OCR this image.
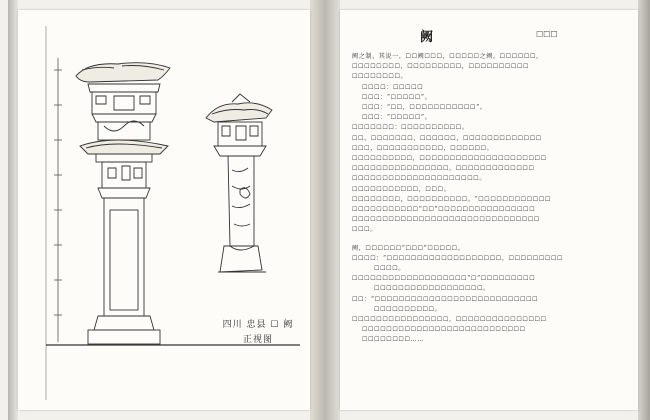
四川 忠县 ☐ 阙
正视图
阙	☐☐☐

阙之制，其说一，☐☐阙☐☐☐，☐☐☐☐☐之阙，☐☐☐☐☐☐，

☐☐☐☐☐☐☐☐，☐☐☐☐☐☐☐☐☐，☐☐☐☐☐☐☐☐☐☐

☐☐☐☐☐☐☐☐。

☐☐☐☐：☐☐☐☐☐

☐☐☐：“☐☐☐☐☐”。

☐☐☐：“☐☐，☐☐☐☐☐☐☐☐☐☐☐”。

☐☐☐：“☐☐☐☐☐”。

☐☐☐☐☐☐☐：☐☐☐☐☐☐☐☐☐☐。

☐☐，☐☐☐☐☐☐☐，☐☐☐☐☐☐，☐☐☐☐☐☐☐☐☐☐☐☐☐

☐☐☐，☐☐☐☐☐☐☐☐☐☐☐，☐☐☐☐☐☐。

☐☐☐☐☐☐☐☐☐☐，☐☐☐☐☐☐☐☐☐☐☐☐☐☐☐☐☐☐☐☐☐

☐☐☐☐☐☐☐☐☐☐☐☐☐☐☐☐，☐☐☐☐☐☐☐☐☐☐☐☐☐

☐☐☐☐☐☐☐☐☐☐☐☐☐☐☐☐☐☐☐☐☐。

☐☐☐☐☐☐☐☐☐☐☐，☐☐☐。

☐☐☐☐☐☐☐☐，☐☐☐☐☐☐☐☐☐☐。“☐☐☐☐☐☐☐☐☐☐☐☐

☐☐☐☐☐☐☐☐☐☐☐“☐☐”☐☐☐☐☐☐☐☐☐☐☐☐☐☐☐☐

☐☐☐☐☐☐☐☐☐☐☐☐☐☐☐☐☐☐☐☐☐☐☐☐☐☐☐☐☐☐☐

☐☐☐。

阙，☐☐☐☐☐☐“☐☐☐”☐☐☐☐☐。

☐☐☐☐：“☐☐☐☐☐☐☐☐☐☐☐☐☐☐☐☐☐☐☐，☐☐☐☐☐☐☐☐☐

☐☐☐☐。

☐☐☐☐☐☐☐☐☐☐☐☐☐☐☐☐☐☐☐“☐”☐☐☐☐☐☐☐☐☐

☐☐☐☐☐☐☐☐☐☐☐☐☐☐☐☐☐☐。

☐☐：“☐☐☐☐☐☐☐☐☐☐☐☐☐☐☐☐☐☐☐☐☐☐☐☐☐☐☐

☐☐☐☐☐☐☐☐☐☐。

☐☐☐☐☐☐☐☐☐☐☐☐☐☐☐☐，☐☐☐☐☐☐☐☐☐☐☐☐☐☐☐

☐☐☐☐☐☐☐☐☐☐☐☐☐☐☐☐☐☐☐☐☐☐☐☐☐☐☐

☐☐☐☐☐☐☐☐……
